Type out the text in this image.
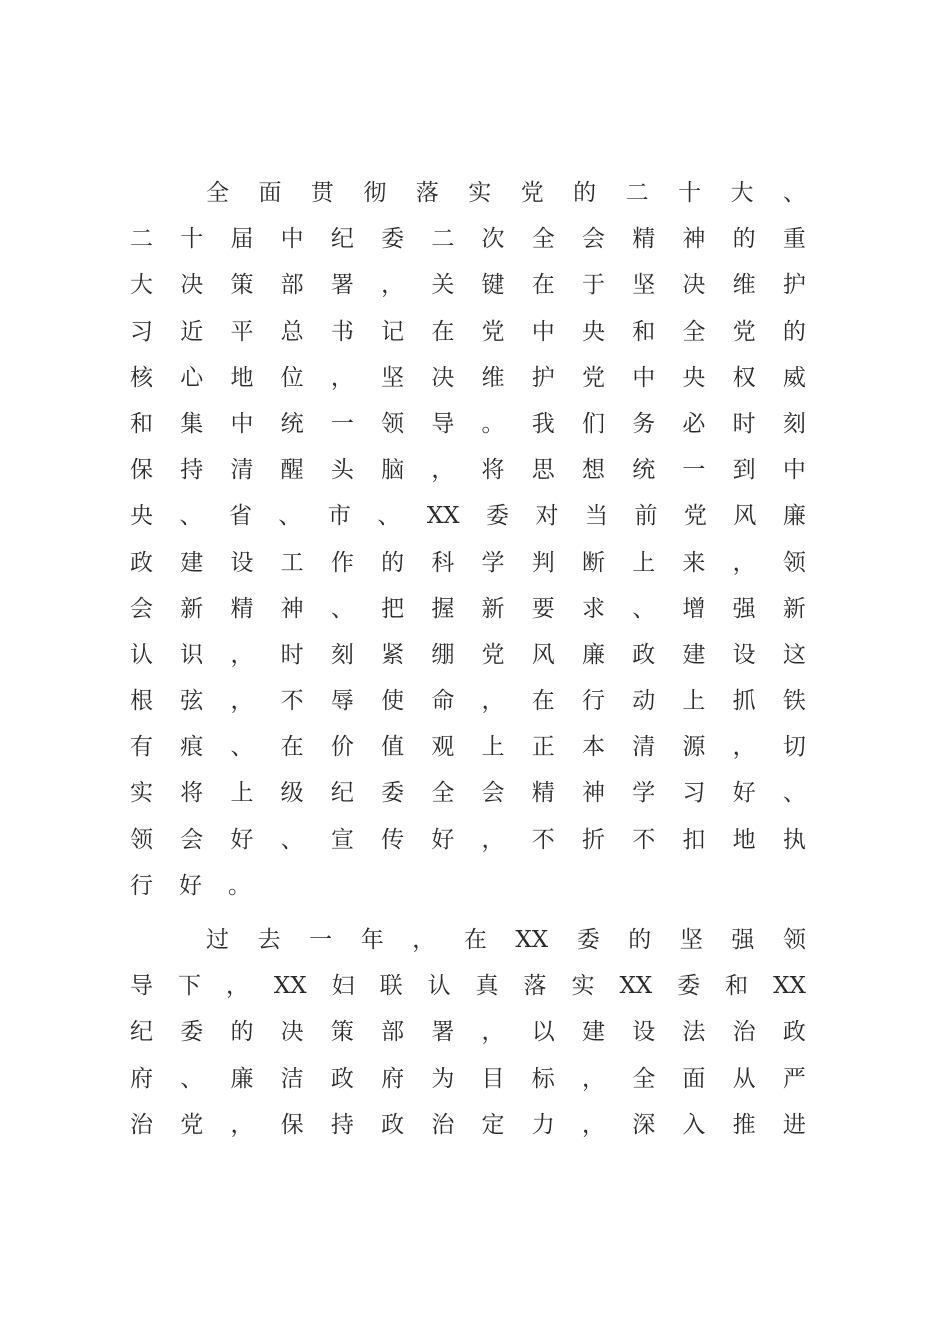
全 面 贯 彻 落 实 党 的 二 十 大 、
二 十 届 中 纪 委 二 次 全 会 精 神 的 重
大 决 策 部 署 ， 关 键 在 于 坚 决 维 护
习 近 平 总 书 记 在 党 中 央 和 全 党 的
核 心 地 位 ， 坚 决 维 护 党 中 央 权 威
和 集 中 统 一 领 导 。 我 们 务 必 时 刻
保 持 清 醒 头 脑 ， 将 思 想 统 一 到 中
央 、 省 、 市 、 XX 委 对 当 前 党 风 廉
政 建 设 工 作 的 科 学 判 断 上 来 ， 领
会 新 精 神 、 把 握 新 要 求 、 增 强 新
认 识 ， 时 刻 紧 绷 党 风 廉 政 建 设 这
根 弦 ， 不 辱 使 命 ， 在 行 动 上 抓 铁
有 痕 、 在 价 值 观 上 正 本 清 源 ， 切
实 将 上 级 纪 委 全 会 精 神 学 习 好 、
领 会 好 、 宣 传 好 ， 不 折 不 扣 地 执
行 好 。
过 去 一 年 ， 在 XX 委 的 坚 强 领
导 下 ， XX 妇 联 认 真 落 实 XX 委 和 XX
纪 委 的 决 策 部 署 ， 以 建 设 法 治 政
府 、 廉 洁 政 府 为 目 标 ， 全 面 从 严
治 党 ， 保 持 政 治 定 力 ， 深 入 推 进
